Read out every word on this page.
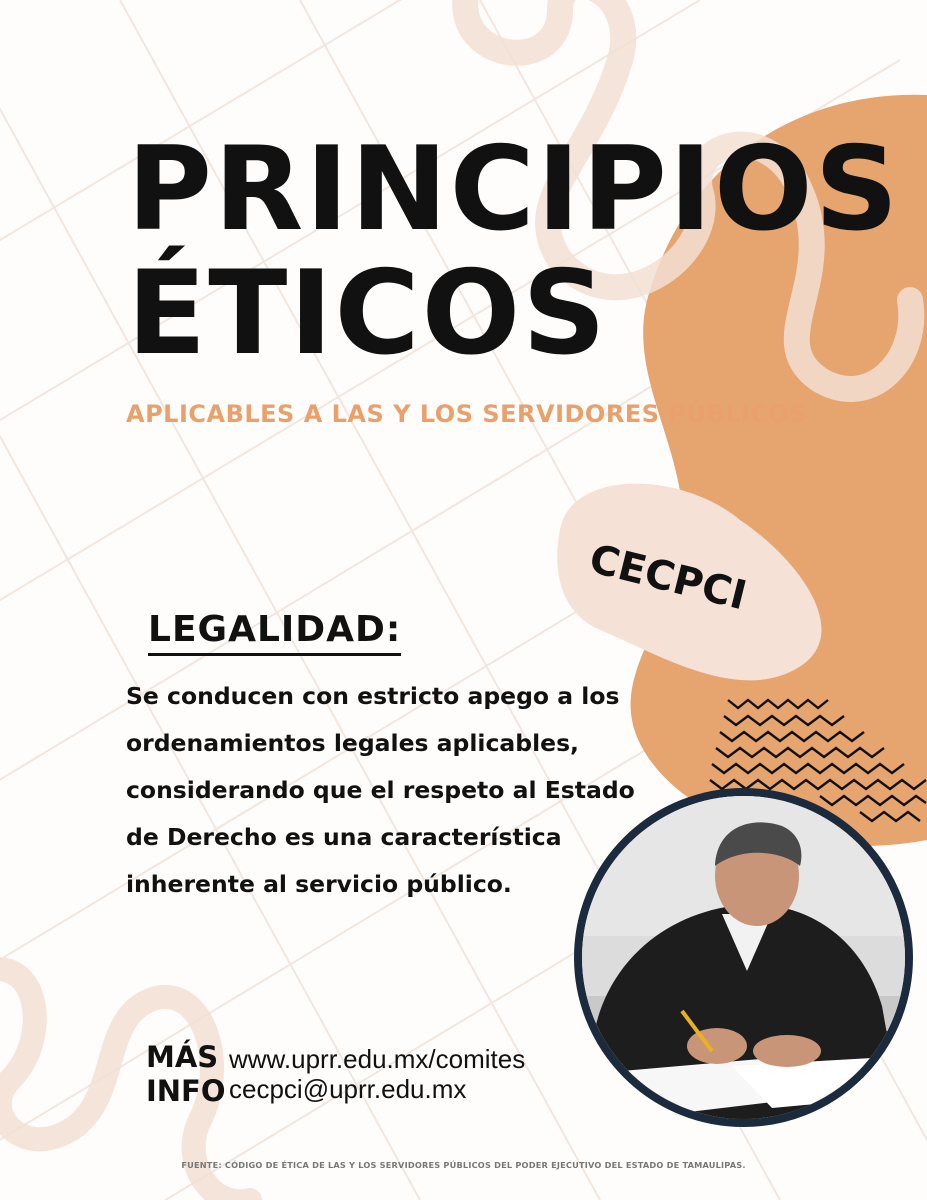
PRINCIPIOS
ÉTICOS
APLICABLES A LAS Y LOS SERVIDORES PÚBLICOS
CECPCI
LEGALIDAD:

Se conducen con estricto apego a los ordenamientos legales aplicables, considerando que el respeto al Estado de Derecho es una característica inherente al servicio público.

MÁS
INFO
www.uprr.edu.mx/comites
cecpci@uprr.edu.mx
FUENTE: CÓDIGO DE ÉTICA DE LAS Y LOS SERVIDORES PÚBLICOS DEL PODER EJECUTIVO DEL ESTADO DE TAMAULIPAS.
